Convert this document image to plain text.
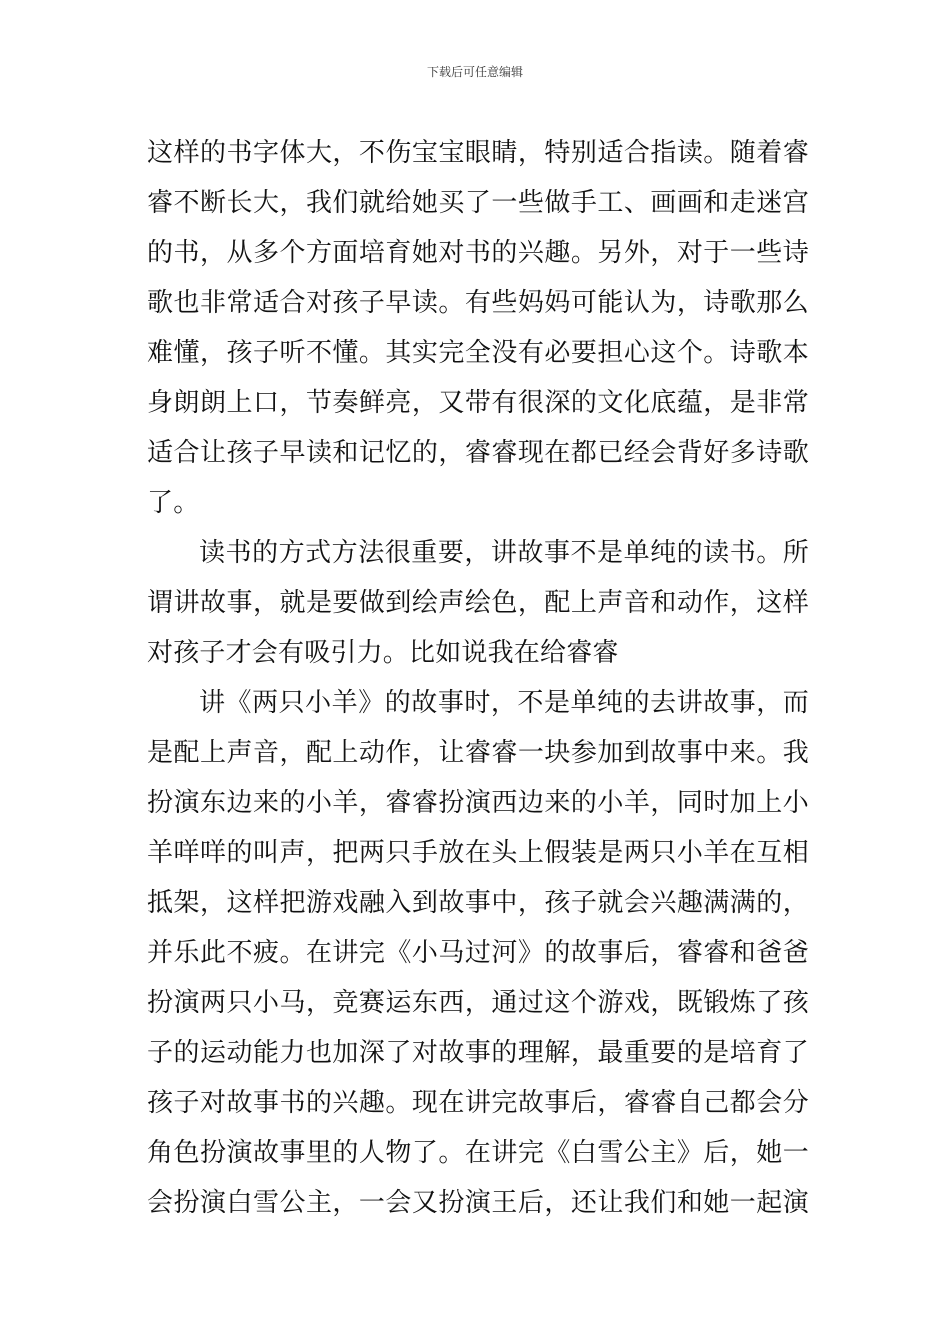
下载后可任意编辑
这样的书字体大，不伤宝宝眼睛，特别适合指读。随着睿
睿不断长大，我们就给她买了一些做手工、画画和走迷宫
的书，从多个方面培育她对书的兴趣。另外，对于一些诗
歌也非常适合对孩子早读。有些妈妈可能认为，诗歌那么
难懂，孩子听不懂。其实完全没有必要担心这个。诗歌本
身朗朗上口，节奏鲜亮，又带有很深的文化底蕴，是非常
适合让孩子早读和记忆的，睿睿现在都已经会背好多诗歌
了。
读书的方式方法很重要，讲故事不是单纯的读书。所
谓讲故事，就是要做到绘声绘色，配上声音和动作，这样
对孩子才会有吸引力。比如说我在给睿睿
讲《两只小羊》的故事时，不是单纯的去讲故事，而
是配上声音，配上动作，让睿睿一块参加到故事中来。我
扮演东边来的小羊，睿睿扮演西边来的小羊，同时加上小
羊咩咩的叫声，把两只手放在头上假装是两只小羊在互相
抵架，这样把游戏融入到故事中，孩子就会兴趣满满的，
并乐此不疲。在讲完《小马过河》的故事后，睿睿和爸爸
扮演两只小马，竞赛运东西，通过这个游戏，既锻炼了孩
子的运动能力也加深了对故事的理解，最重要的是培育了
孩子对故事书的兴趣。现在讲完故事后，睿睿自己都会分
角色扮演故事里的人物了。在讲完《白雪公主》后，她一
会扮演白雪公主，一会又扮演王后，还让我们和她一起演
